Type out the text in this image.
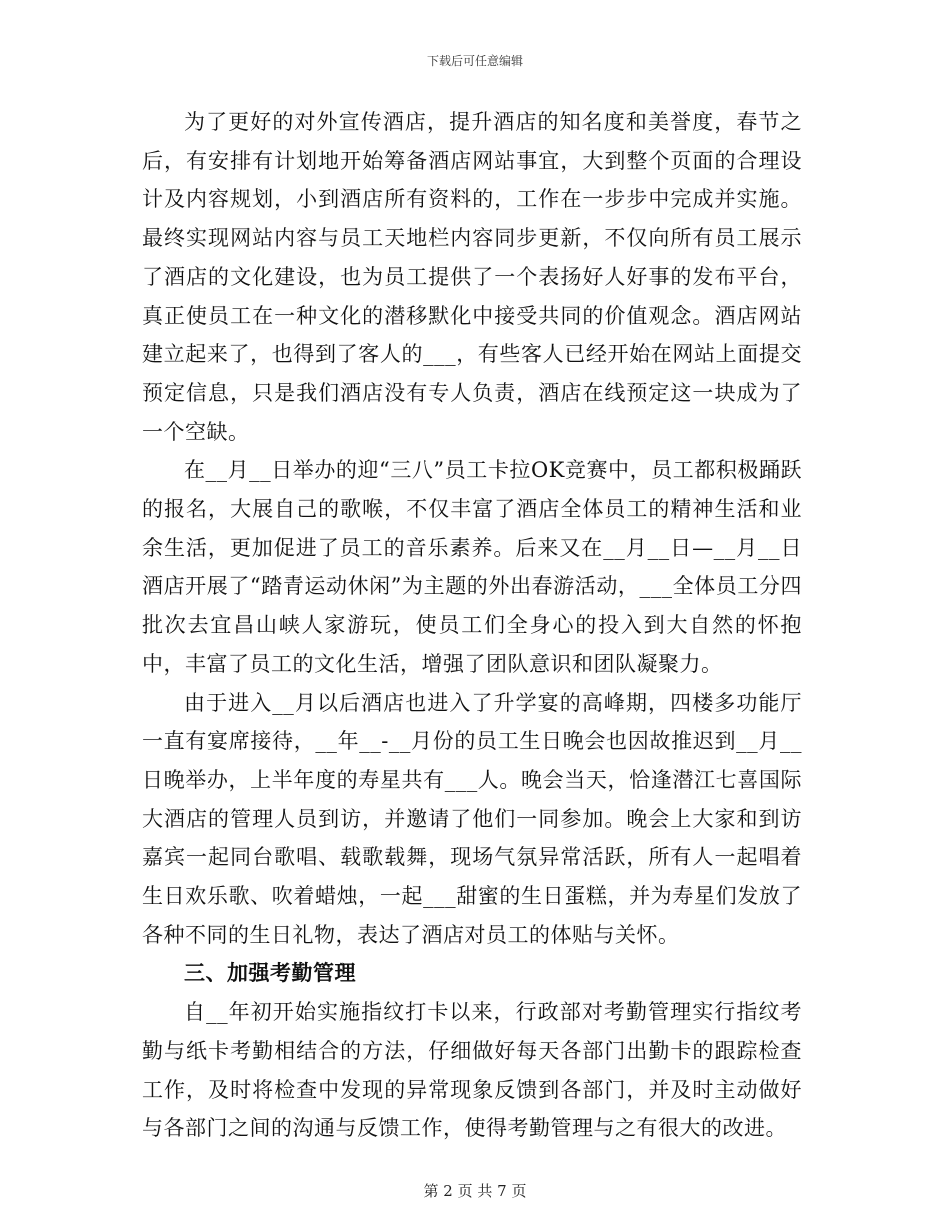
下载后可任意编辑

为了更好的对外宣传酒店，提升酒店的知名度和美誉度，春节之后，有安排有计划地开始筹备酒店网站事宜，大到整个页面的合理设计及内容规划，小到酒店所有资料的，工作在一步步中完成并实施。最终实现网站内容与员工天地栏内容同步更新，不仅向所有员工展示了酒店的文化建设，也为员工提供了一个表扬好人好事的发布平台，真正使员工在一种文化的潜移默化中接受共同的价值观念。酒店网站建立起来了，也得到了客人的___，有些客人已经开始在网站上面提交预定信息，只是我们酒店没有专人负责，酒店在线预定这一块成为了一个空缺。

在__月__日举办的迎“三八”员工卡拉OK竞赛中，员工都积极踊跃的报名，大展自己的歌喉，不仅丰富了酒店全体员工的精神生活和业余生活，更加促进了员工的音乐素养。后来又在__月__日—__月__日酒店开展了“踏青运动休闲”为主题的外出春游活动，___全体员工分四批次去宜昌山峡人家游玩，使员工们全身心的投入到大自然的怀抱中，丰富了员工的文化生活，增强了团队意识和团队凝聚力。

由于进入__月以后酒店也进入了升学宴的高峰期，四楼多功能厅一直有宴席接待，__年__-__月份的员工生日晚会也因故推迟到__月__日晚举办，上半年度的寿星共有___人。晚会当天，恰逢潜江七喜国际大酒店的管理人员到访，并邀请了他们一同参加。晚会上大家和到访嘉宾一起同台歌唱、载歌载舞，现场气氛异常活跃，所有人一起唱着生日欢乐歌、吹着蜡烛，一起___甜蜜的生日蛋糕，并为寿星们发放了各种不同的生日礼物，表达了酒店对员工的体贴与关怀。

三、加强考勤管理

自__年初开始实施指纹打卡以来，行政部对考勤管理实行指纹考勤与纸卡考勤相结合的方法，仔细做好每天各部门出勤卡的跟踪检查工作，及时将检查中发现的异常现象反馈到各部门，并及时主动做好与各部门之间的沟通与反馈工作，使得考勤管理与之有很大的改进。

第 2 页 共 7 页
